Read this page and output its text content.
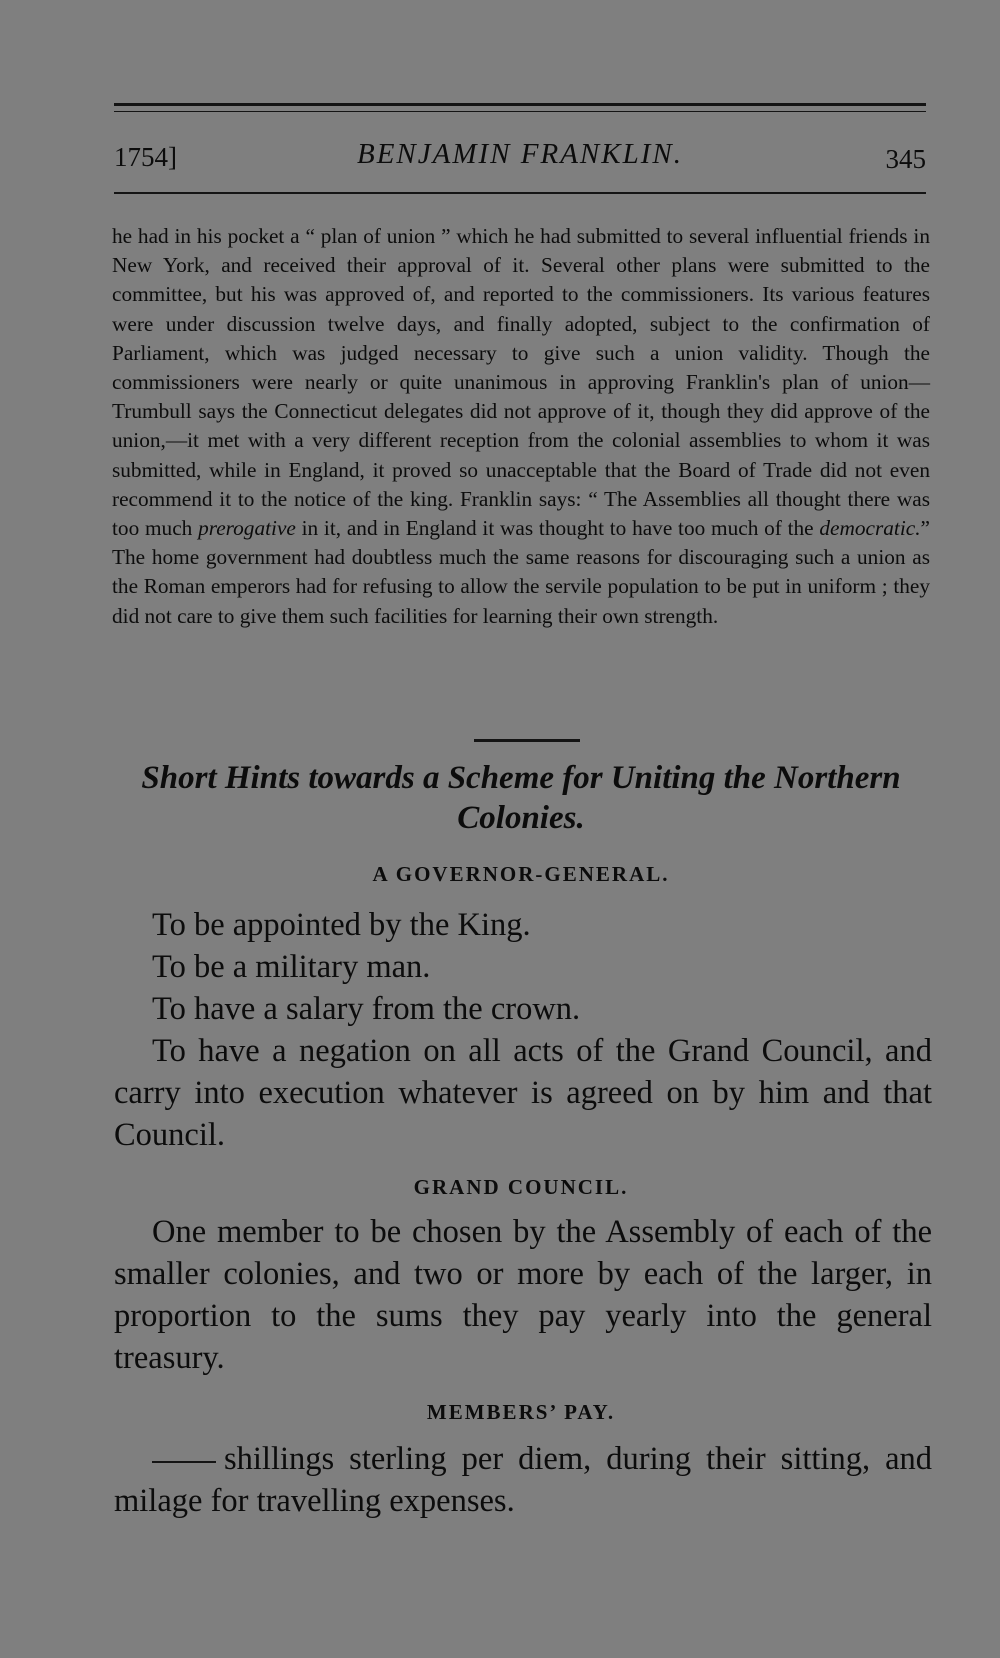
1754]	BENJAMIN FRANKLIN.	345

he had in his pocket a “ plan of union ” which he had submitted to several influential friends in New York, and received their approval of it. Several other plans were submitted to the committee, but his was approved of, and reported to the commissioners. Its various features were under discussion twelve days, and finally adopted, subject to the confirmation of Parliament, which was judged necessary to give such a union validity. Though the commissioners were nearly or quite unanimous in approving Franklin's plan of union—Trumbull says the Connecticut delegates did not approve of it, though they did approve of the union,—it met with a very different reception from the colonial assemblies to whom it was submitted, while in England, it proved so unacceptable that the Board of Trade did not even recommend it to the notice of the king. Franklin says: “ The Assemblies all thought there was too much prerogative in it, and in England it was thought to have too much of the democratic.” The home government had doubtless much the same reasons for discouraging such a union as the Roman emperors had for refusing to allow the servile population to be put in uniform ; they did not care to give them such facilities for learning their own strength.

Short Hints towards a Scheme for Uniting the Northern Colonies.
A GOVERNOR-GENERAL.

To be appointed by the King.

To be a military man.

To have a salary from the crown.

To have a negation on all acts of the Grand Council, and carry into execution whatever is agreed on by him and that Council.

GRAND COUNCIL.

One member to be chosen by the Assembly of each of the smaller colonies, and two or more by each of the larger, in proportion to the sums they pay yearly into the general treasury.

MEMBERS’ PAY.

shillings sterling per diem, during their sitting, and milage for travelling expenses.
